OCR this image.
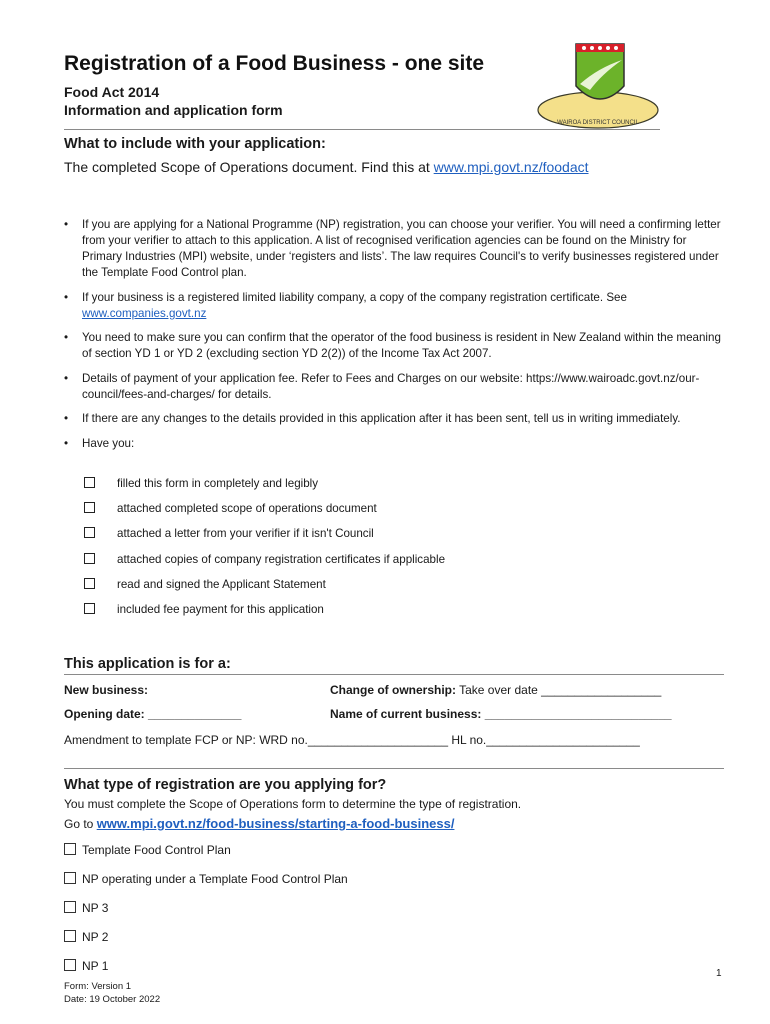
Registration of a Food Business - one site
Food Act 2014
Information and application form
WAIROA DISTRICT COUNCIL
What to include with your application:
The completed Scope of Operations document. Find this at www.mpi.govt.nz/foodact
• If you are applying for a National Programme (NP) registration, you can choose your verifier. You will need a confirming letter from your verifier to attach to this application. A list of recognised verification agencies can be found on the Ministry for Primary Industries (MPI) website, under ‘registers and lists’. The law requires Council's to verify businesses registered under the Template Food Control plan.
• If your business is a registered limited liability company, a copy of the company registration certificate. See
www.companies.govt.nz
• You need to make sure you can confirm that the operator of the food business is resident in New Zealand within the meaning of section YD 1 or YD 2 (excluding section YD 2(2)) of the Income Tax Act 2007.
• Details of payment of your application fee. Refer to Fees and Charges on our website: https://www.wairoadc.govt.nz/our-council/fees-and-charges/ for details.
• If there are any changes to the details provided in this application after it has been sent, tell us in writing immediately.
• Have you:
filled this form in completely and legibly
attached completed scope of operations document
attached a letter from your verifier if it isn't Council
attached copies of company registration certificates if applicable
read and signed the Applicant Statement
included fee payment for this application
This application is for a:
New business:	Change of ownership: Take over date __________________
Opening date: ______________	Name of current business: ____________________________
Amendment to template FCP or NP: WRD no._____________________ HL no._______________________
What type of registration are you applying for?
You must complete the Scope of Operations form to determine the type of registration.
Go to www.mpi.govt.nz/food-business/starting-a-food-business/
Template Food Control Plan
NP operating under a Template Food Control Plan
NP 3
NP 2
NP 1
1
Form: Version 1
Date: 19 October 2022
